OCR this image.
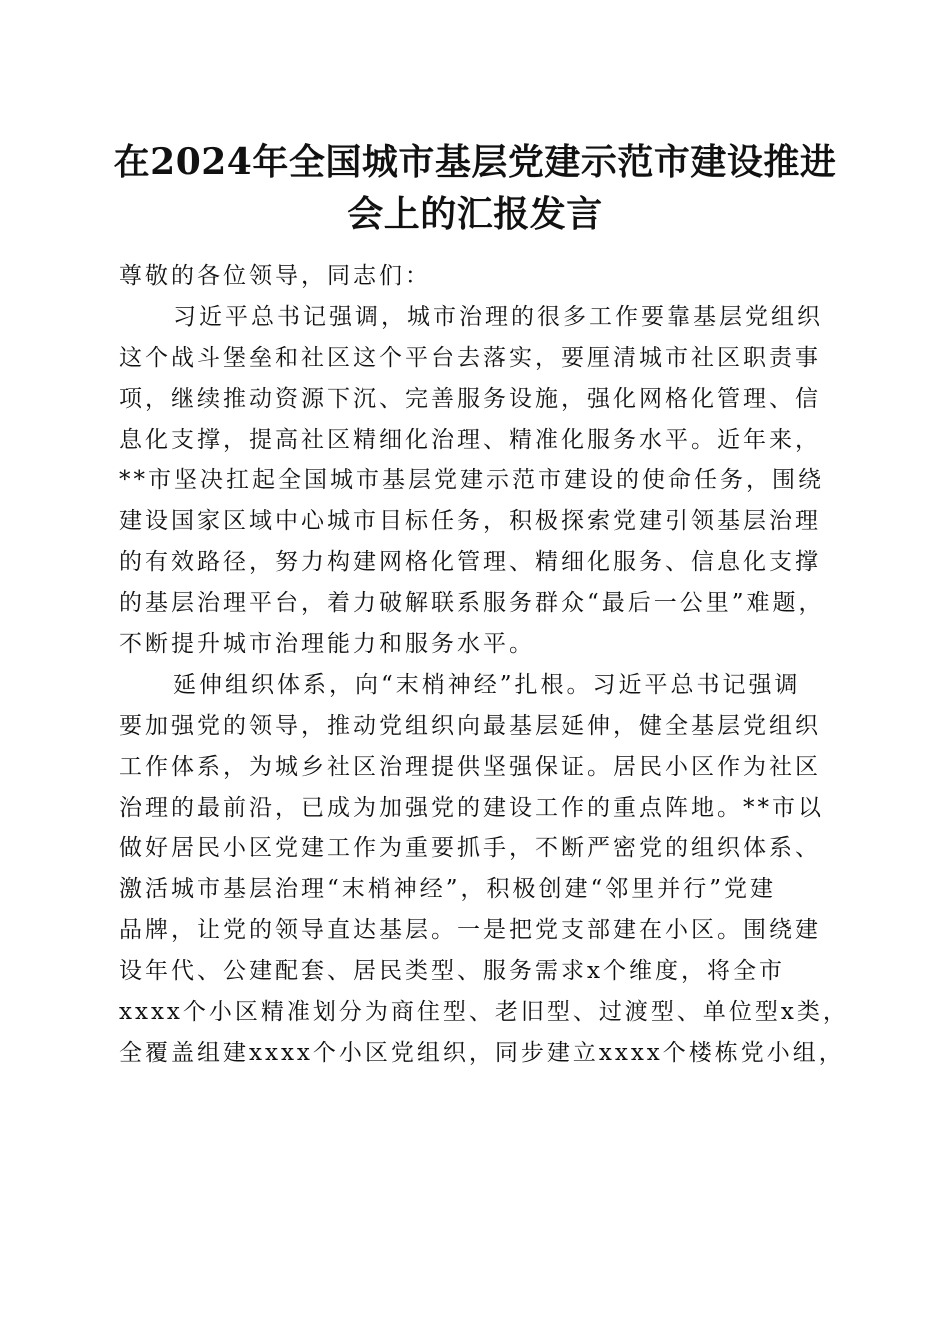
在2024年全国城市基层党建示范市建设推进
会上的汇报发言
尊敬的各位领导，同志们：
习近平总书记强调，城市治理的很多工作要靠基层党组织
这个战斗堡垒和社区这个平台去落实，要厘清城市社区职责事
项，继续推动资源下沉、完善服务设施，强化网格化管理、信
息化支撑，提高社区精细化治理、精准化服务水平。近年来，
**市坚决扛起全国城市基层党建示范市建设的使命任务，围绕
建设国家区域中心城市目标任务，积极探索党建引领基层治理
的有效路径，努力构建网格化管理、精细化服务、信息化支撑
的基层治理平台，着力破解联系服务群众“最后一公里”难题，
不断提升城市治理能力和服务水平。
延伸组织体系，向“末梢神经”扎根。习近平总书记强调
要加强党的领导，推动党组织向最基层延伸，健全基层党组织
工作体系，为城乡社区治理提供坚强保证。居民小区作为社区
治理的最前沿，已成为加强党的建设工作的重点阵地。**市以
做好居民小区党建工作为重要抓手，不断严密党的组织体系、
激活城市基层治理“末梢神经”，积极创建“邻里并行”党建
品牌，让党的领导直达基层。一是把党支部建在小区。围绕建
设年代、公建配套、居民类型、服务需求x个维度，将全市
xxxx个小区精准划分为商住型、老旧型、过渡型、单位型x类，
全覆盖组建xxxx个小区党组织，同步建立xxxx个楼栋党小组，
